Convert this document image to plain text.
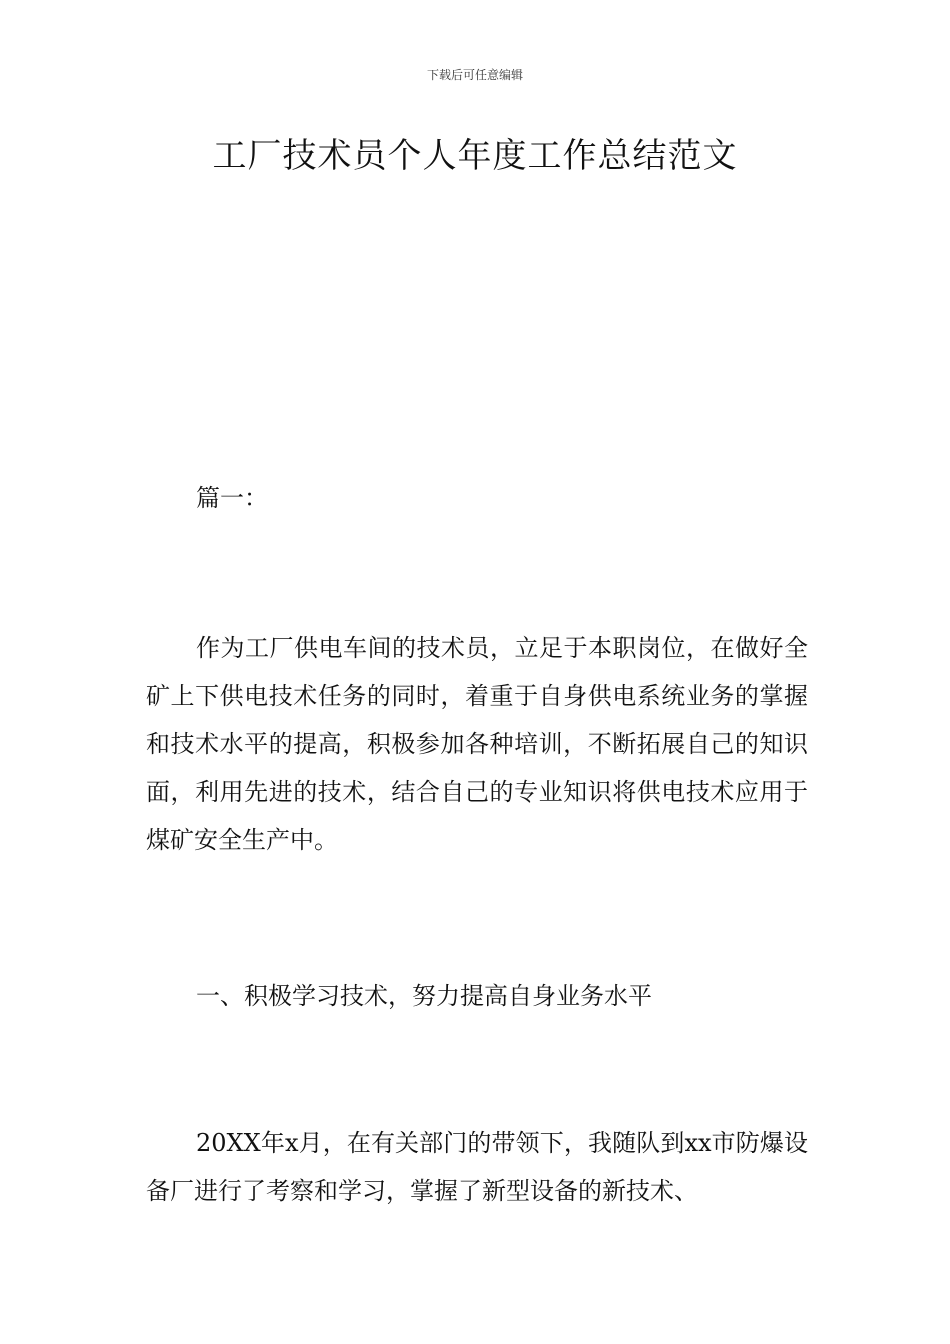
下载后可任意编辑
工厂技术员个人年度工作总结范文

篇一：

作为工厂供电车间的技术员，立足于本职岗位，在做好全矿上下供电技术任务的同时，着重于自身供电系统业务的掌握和技术水平的提高，积极参加各种培训，不断拓展自己的知识面，利用先进的技术，结合自己的专业知识将供电技术应用于煤矿安全生产中。

一、积极学习技术，努力提高自身业务水平

20XX年x月，在有关部门的带领下，我随队到xx市防爆设备厂进行了考察和学习，掌握了新型设备的新技术、
